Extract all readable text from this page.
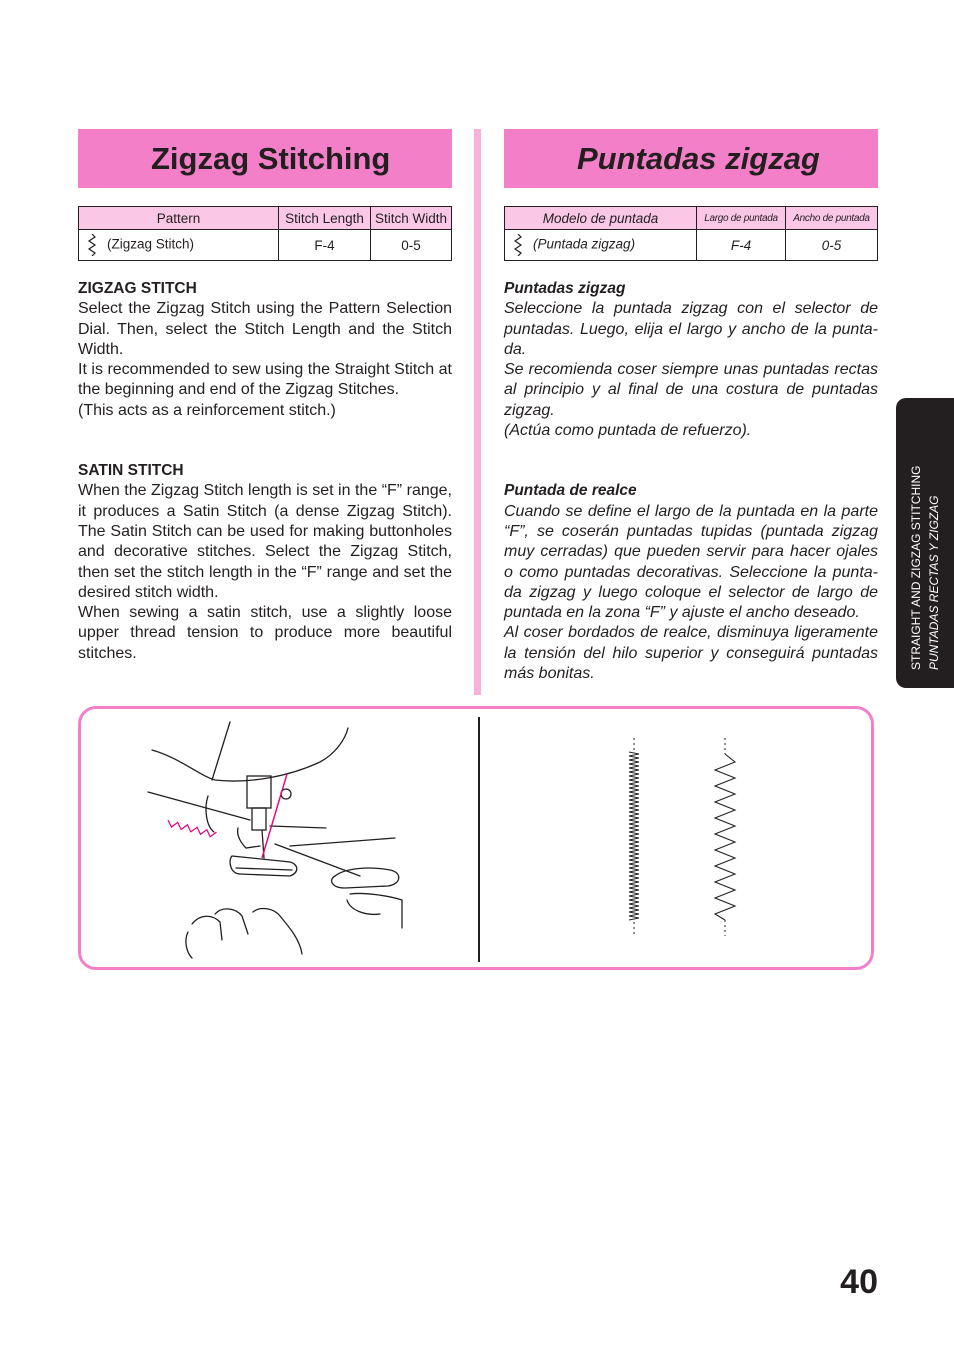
Zigzag Stitching	Puntadas zigzag
Pattern	Stitch Length	Stitch Width
(Zigzag Stitch)	F-4	0-5
Modelo de puntada	Largo de puntada	Ancho de puntada
(Puntada zigzag)	F-4	0-5
ZIGZAG STITCH

Select the Zigzag Stitch using the Pattern Selection Dial. Then, select the Stitch Length and the Stitch Width.

It is recommended to sew using the Straight Stitch at the beginning and end of the Zigzag Stitches.

(This acts as a reinforcement stitch.)

SATIN STITCH

When the Zigzag Stitch length is set in the “F” range, it produces a Satin Stitch (a dense Zigzag Stitch). The Satin Stitch can be used for making buttonholes and decorative stitches. Select the Zigzag Stitch, then set the stitch length in the “F” range and set the desired stitch width.

When sewing a satin stitch, use a slightly loose upper thread tension to produce more beautiful stitches.

Puntadas zigzag

Seleccione la puntada zigzag con el selector de puntadas. Luego, elija el largo y ancho de la punta-da.

Se recomienda coser siempre unas puntadas rectas al principio y al final de una costura de puntadas zigzag.

(Actúa como puntada de refuerzo).

Puntada de realce

Cuando se define el largo de la puntada en la parte “F”, se coserán puntadas tupidas (puntada zigzag muy cerradas) que pueden servir para hacer ojales o como puntadas decorativas. Seleccione la punta-da zigzag y luego coloque el selector de largo de puntada en la zona “F” y ajuste el ancho deseado.

Al coser bordados de realce, disminuya ligeramente la tensión del hilo superior y conseguirá puntadas más bonitas.

STRAIGHT AND ZIGZAG STITCHING PUNTADAS RECTAS Y ZIGZAG
40
